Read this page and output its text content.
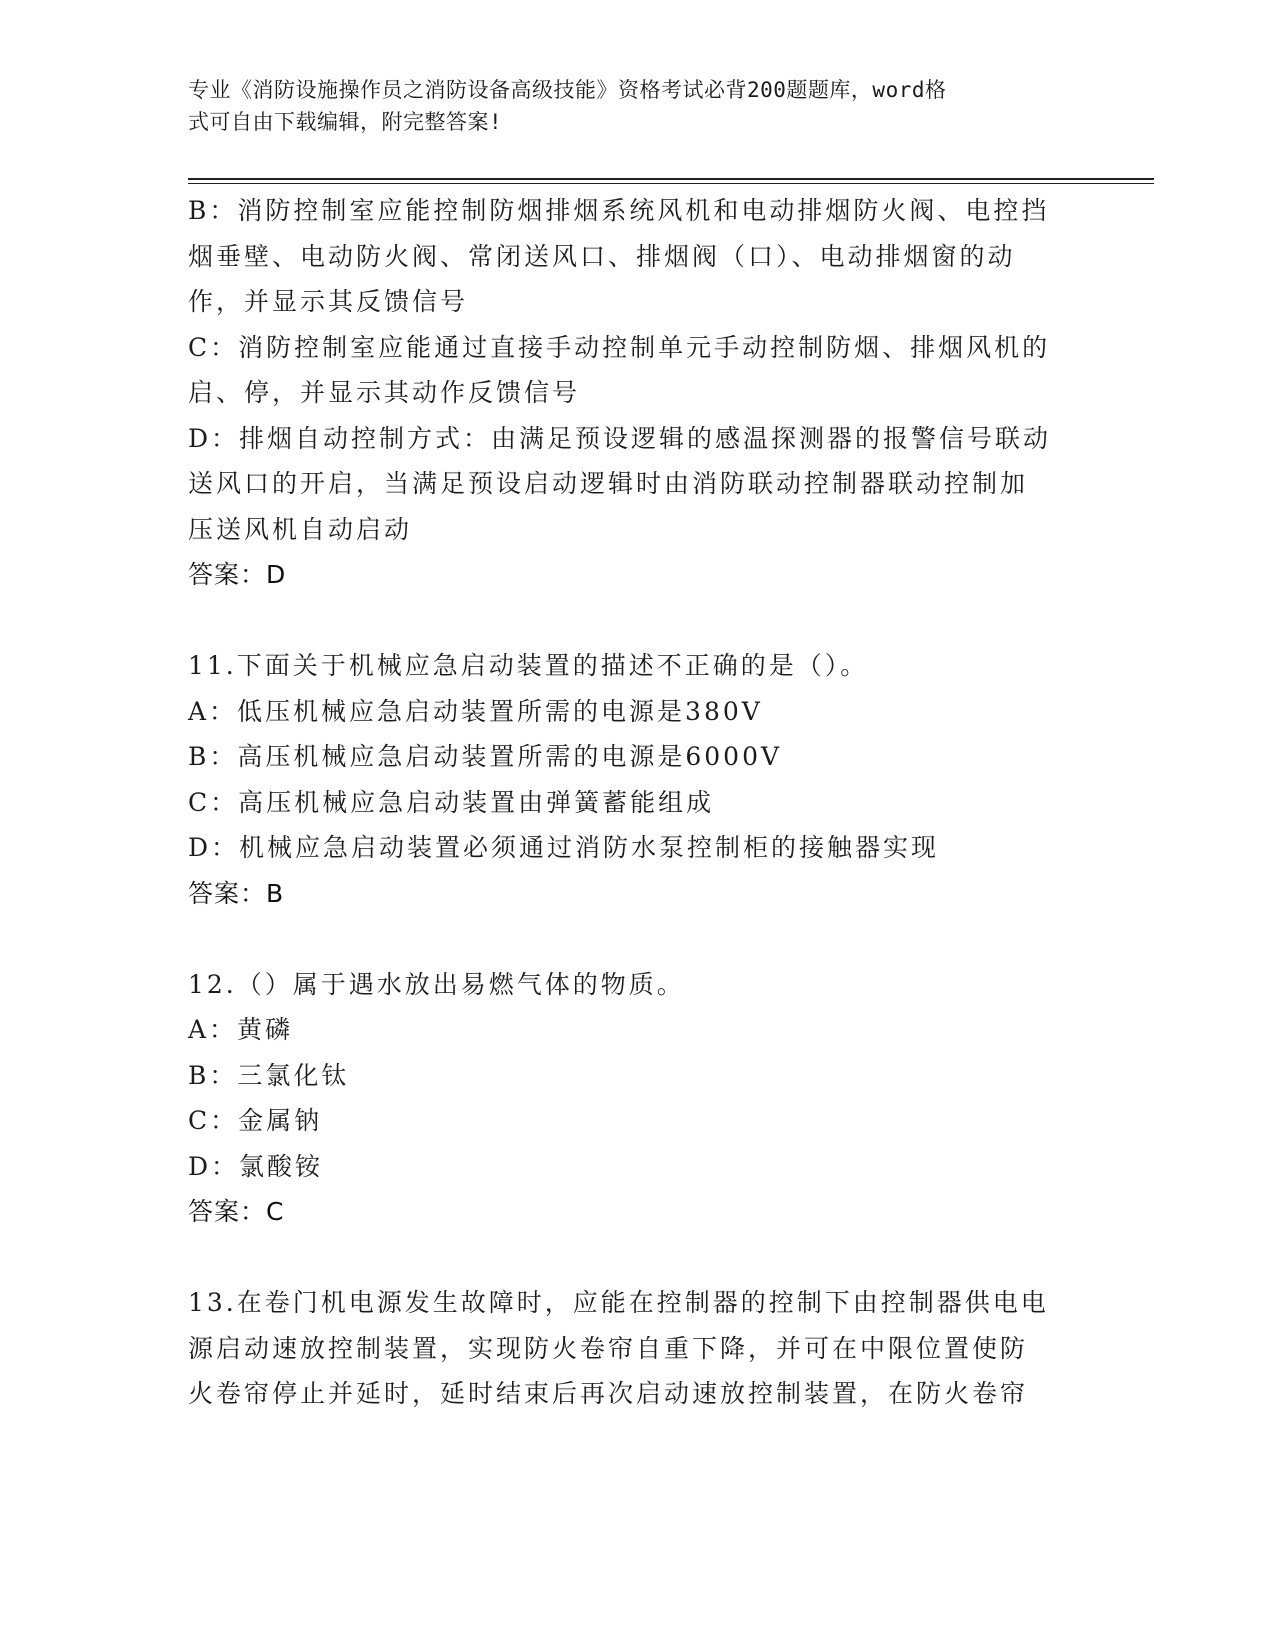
专业《消防设施操作员之消防设备高级技能》资格考试必背200题题库，word格
式可自由下载编辑，附完整答案!
B：消防控制室应能控制防烟排烟系统风机和电动排烟防火阀、电控挡
烟垂壁、电动防火阀、常闭送风口、排烟阀（口）、电动排烟窗的动
作，并显示其反馈信号
C：消防控制室应能通过直接手动控制单元手动控制防烟、排烟风机的
启、停，并显示其动作反馈信号
D：排烟自动控制方式：由满足预设逻辑的感温探测器的报警信号联动
送风口的开启，当满足预设启动逻辑时由消防联动控制器联动控制加
压送风机自动启动
答案：D
11.下面关于机械应急启动装置的描述不正确的是（）。
A：低压机械应急启动装置所需的电源是380V
B：高压机械应急启动装置所需的电源是6000V
C：高压机械应急启动装置由弹簧蓄能组成
D：机械应急启动装置必须通过消防水泵控制柜的接触器实现
答案：B
12.（）属于遇水放出易燃气体的物质。
A：黄磷
B：三氯化钛
C：金属钠
D：氯酸铵
答案：C
13.在卷门机电源发生故障时，应能在控制器的控制下由控制器供电电
源启动速放控制装置，实现防火卷帘自重下降，并可在中限位置使防
火卷帘停止并延时，延时结束后再次启动速放控制装置，在防火卷帘
